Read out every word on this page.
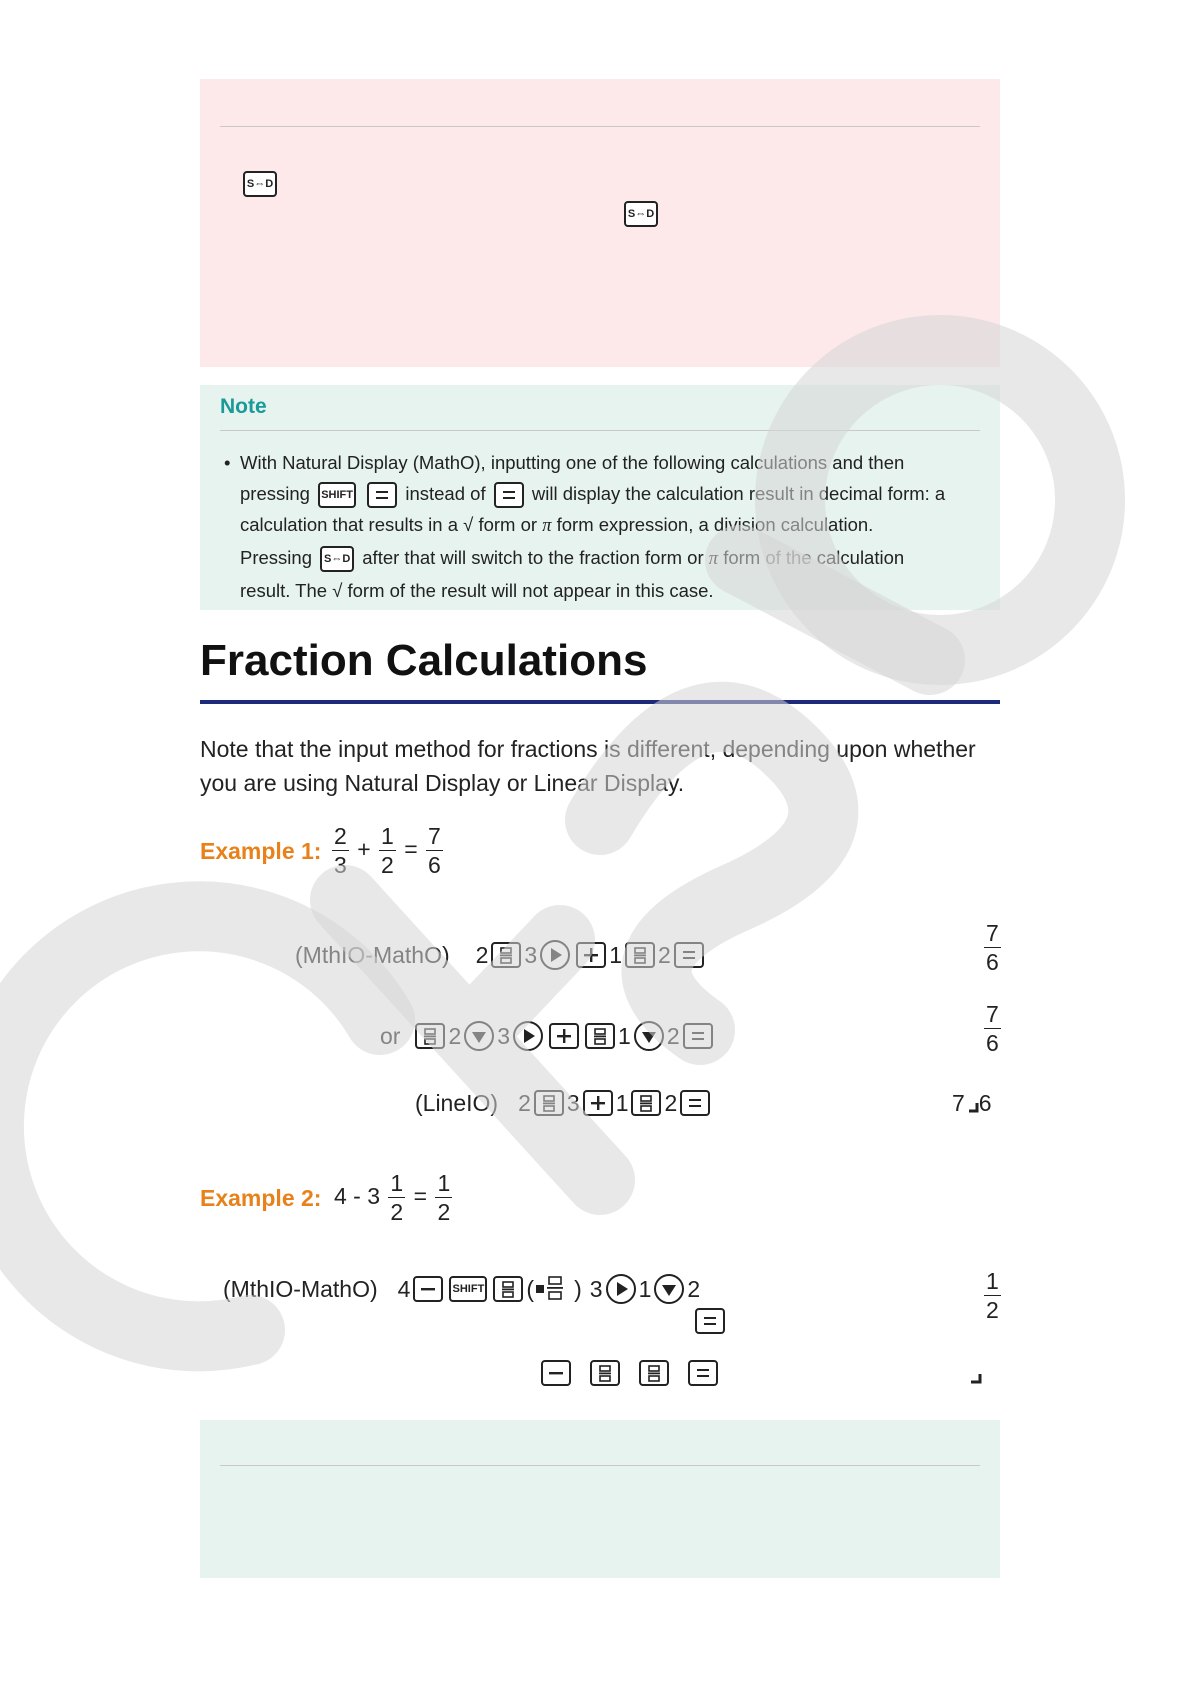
S⇔D
S⇔D
Note
• With Natural Display (MathO), inputting one of the following calculations and then
pressing SHIFT	instead of	will display the calculation result in decimal form: a
calculation that results in a √ form or π form expression, a division calculation.
Pressing S⇔D after that will switch to the fraction form or π form of the calculation
result. The √ form of the result will not appear in this case.
Fraction Calculations
Note that the input method for fractions is different, depending upon whether you are using Natural Display or Linear Display.
Example 1: $\frac{2}{3} + \frac{1}{2} = \frac{7}{6}$
(MthIO-MathO) 2 3	1 2	$\frac{7}{6}$
or 2 3	1 2	$\frac{7}{6}$
(LineIO) 2 3 1 2	7 6
Example 2: $4 - 3 \frac{1}{2} = \frac{1}{2}$
(MthIO-MathO) 4	SHIFT ( ) 3 1 2	$\frac{1}{2}$
